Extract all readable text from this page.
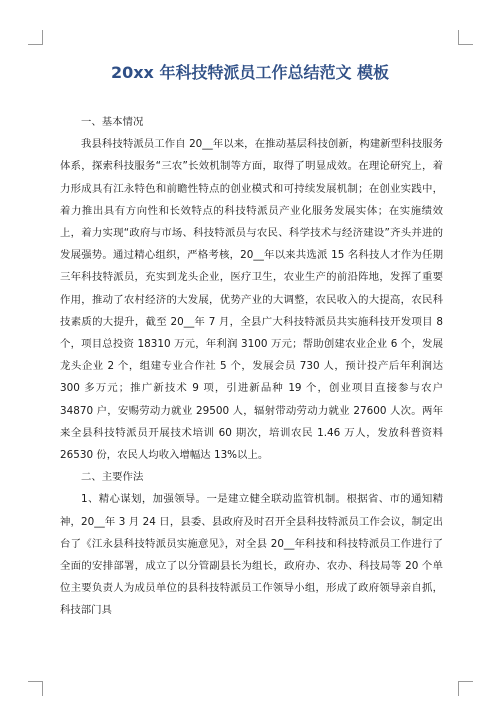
20xx 年科技特派员工作总结范文 模板

一、基本情况

我县科技特派员工作自 20__年以来，在推动基层科技创新，构建新型科技服务体系，探索科技服务“三农”长效机制等方面，取得了明显成效。在理论研究上，着力形成具有江永特色和前瞻性特点的创业模式和可持续发展机制；在创业实践中，着力推出具有方向性和长效特点的科技特派员产业化服务发展实体；在实施绩效上，着力实现“政府与市场、科技特派员与农民、科学技术与经济建设”齐头并进的发展强势。通过精心组织，严格考核，20__年以来共选派 15 名科技人才作为任期三年科技特派员，充实到龙头企业，医疗卫生，农业生产的前沿阵地，发挥了重要作用，推动了农村经济的大发展，优势产业的大调整，农民收入的大提高，农民科技素质的大提升，截至 20__年 7 月，全县广大科技特派员共实施科技开发项目 8 个，项目总投资 18310 万元，年利润 3100 万元；帮助创建农业企业 6 个，发展龙头企业 2 个，组建专业合作社 5 个，发展会员 730 人，预计投产后年利润达 300 多万元；推广新技术 9 项，引进新品种 19 个，创业项目直接参与农户 34870 户，安赐劳动力就业 29500 人，辐射带动劳动力就业 27600 人次。两年来全县科技特派员开展技术培训 60 期次，培训农民 1.46 万人，发放科普资料 26530 份，农民人均收入增幅达 13%以上。

二、主要作法

1、精心谋划，加强领导。一是建立健全联动监管机制。根据省、市的通知精神，20__年 3 月 24 日，县委、县政府及时召开全县科技特派员工作会议，制定出台了《江永县科技特派员实施意见》，对全县 20__年科技和科技特派员工作进行了全面的安排部署，成立了以分管副县长为组长，政府办、农办、科技局等 20 个单位主要负责人为成员单位的县科技特派员工作领导小组，形成了政府领导亲自抓，科技部门具
